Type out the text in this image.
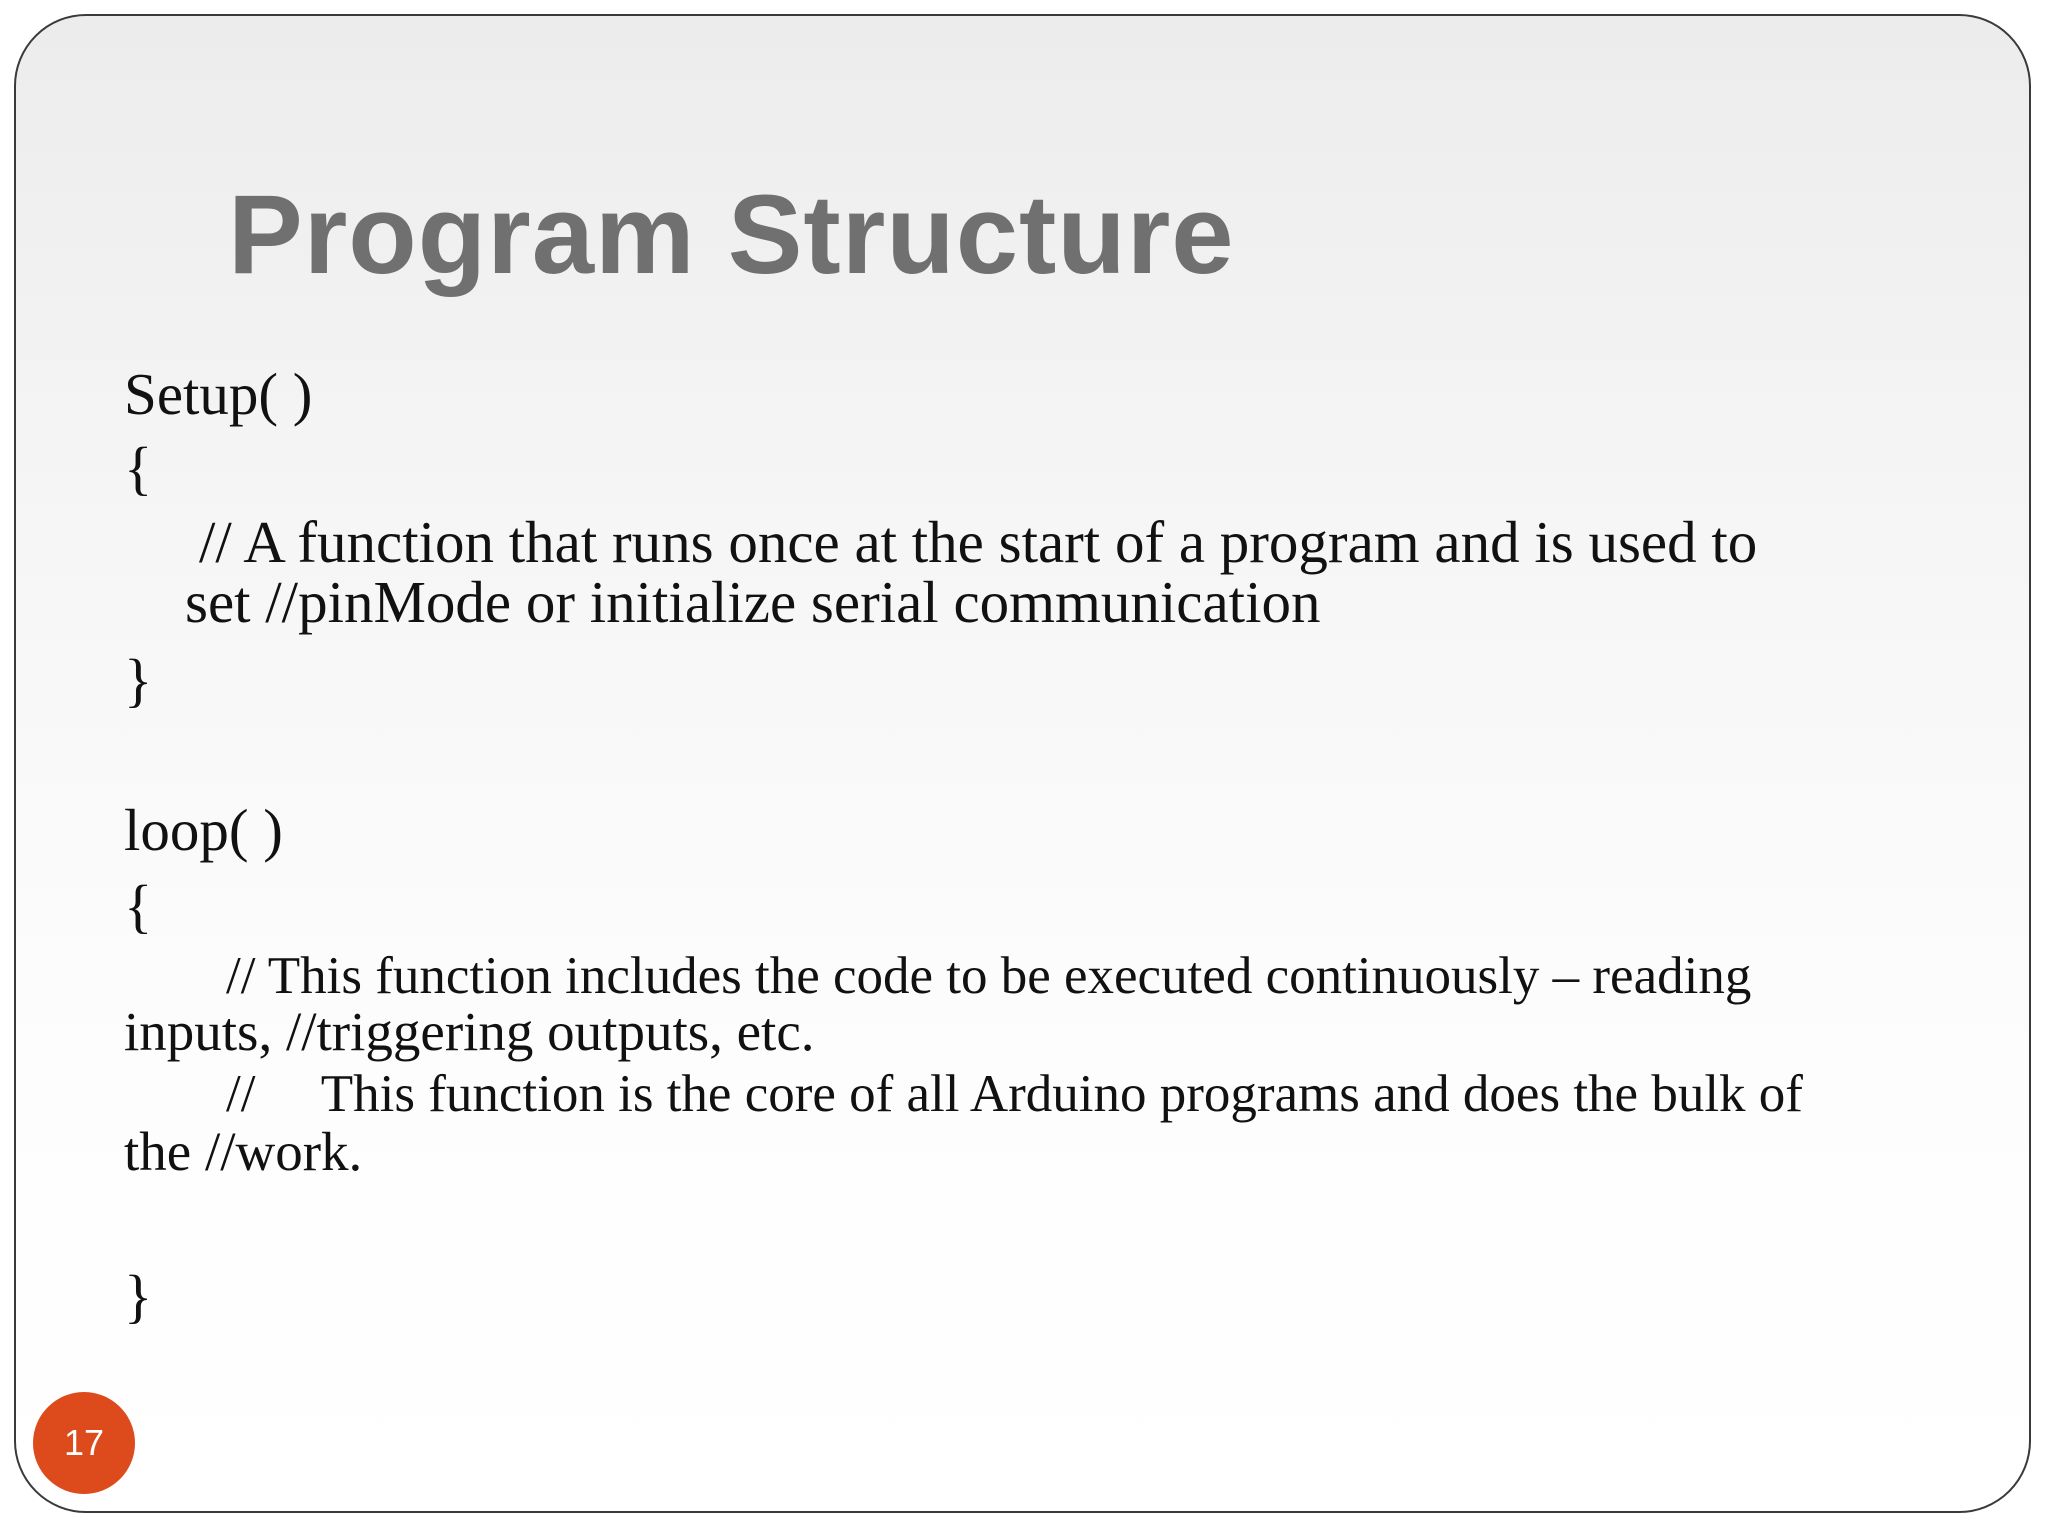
Program Structure
Setup( )
{
// A function that runs once at the start of a program and is used to
set //pinMode or initialize serial communication
}
loop( )
{
// This function includes the code to be executed continuously – reading
inputs, //triggering outputs, etc.
//     This function is the core of all Arduino programs and does the bulk of
the //work.
}
17
